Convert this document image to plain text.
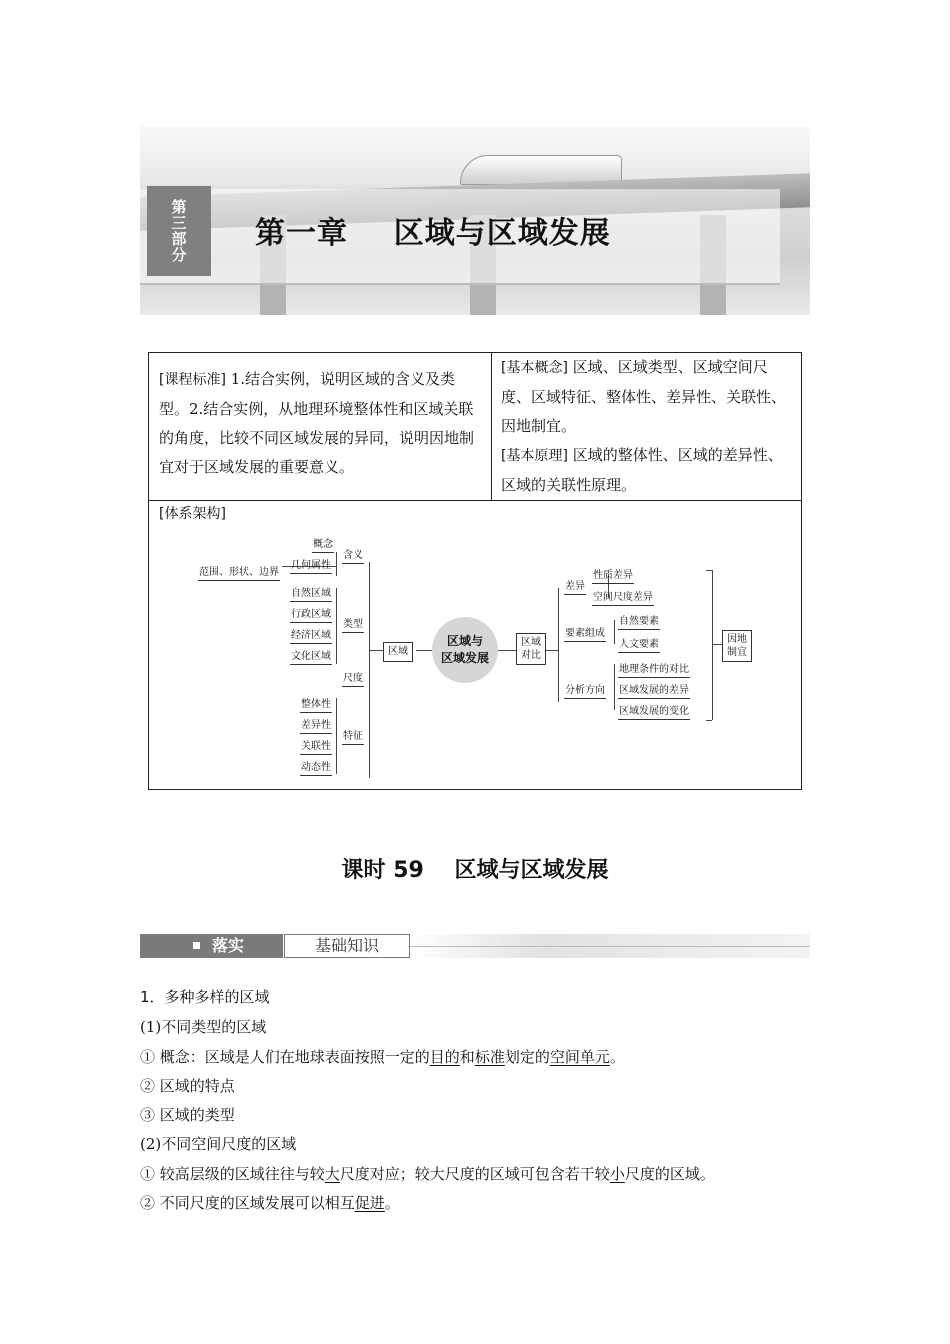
第三部分	第一章    区域与区域发展
[课程标准] 1.结合实例，说明区域的含义及类型。2.结合实例，从地理环境整体性和区域关联的角度，比较不同区域发展的异同，说明因地制宜对于区域发展的重要意义。
[基本概念] 区域、区域类型、区域空间尺度、区域特征、整体性、差异性、关联性、因地制宜。
[基本原理] 区域的整体性、区域的差异性、区域的关联性原理。
[体系架构]
概念
几何属性
范围、形状、边界
含义
自然区域
行政区域
经济区域
文化区域
类型
尺度
整体性
差异性
关联性
动态性
特征
区域
区域与
区域发展
区域
对比
差异
性质差异
空间尺度差异
要素组成
自然要素
人文要素
分析方向
地理条件的对比
区域发展的差异
区域发展的变化
因地
制宜
课时 59    区域与区域发展
落实	基础知识
1．多种多样的区域
(1)不同类型的区域
① 概念：区域是人们在地球表面按照一定的目的和标准划定的空间单元。
② 区域的特点
③ 区域的类型
(2)不同空间尺度的区域
① 较高层级的区域往往与较大尺度对应；较大尺度的区域可包含若干较小尺度的区域。
② 不同尺度的区域发展可以相互促进。
